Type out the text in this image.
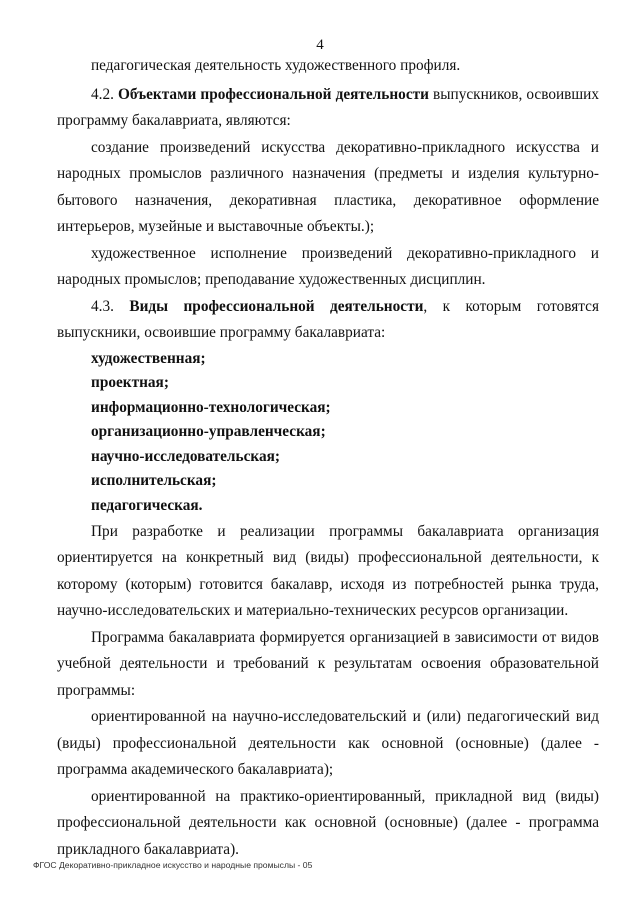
4

педагогическая деятельность художественного профиля.

4.2. Объектами профессиональной деятельности выпускников, освоивших программу бакалавриата, являются:

создание произведений искусства декоративно-прикладного искусства и народных промыслов различного назначения (предметы и изделия культурно-бытового назначения, декоративная пластика, декоративное оформление интерьеров, музейные и выставочные объекты.);

художественное исполнение произведений декоративно-прикладного и народных промыслов; преподавание художественных дисциплин.

4.3. Виды профессиональной деятельности, к которым готовятся выпускники, освоившие программу бакалавриата:

художественная;

проектная;

информационно-технологическая;

организационно-управленческая;

научно-исследовательская;

исполнительская;

педагогическая.

При разработке и реализации программы бакалавриата организация ориентируется на конкретный вид (виды) профессиональной деятельности, к которому (которым) готовится бакалавр, исходя из потребностей рынка труда, научно-исследовательских и материально-технических ресурсов организации.

Программа бакалавриата формируется организацией в зависимости от видов учебной деятельности и требований к результатам освоения образовательной программы:

ориентированной на научно-исследовательский и (или) педагогический вид (виды) профессиональной деятельности как основной (основные) (далее - программа академического бакалавриата);

ориентированной на практико-ориентированный, прикладной вид (виды) профессиональной деятельности как основной (основные) (далее - программа прикладного бакалавриата).

ФГОС Декоративно-прикладное искусство и народные промыслы - 05
